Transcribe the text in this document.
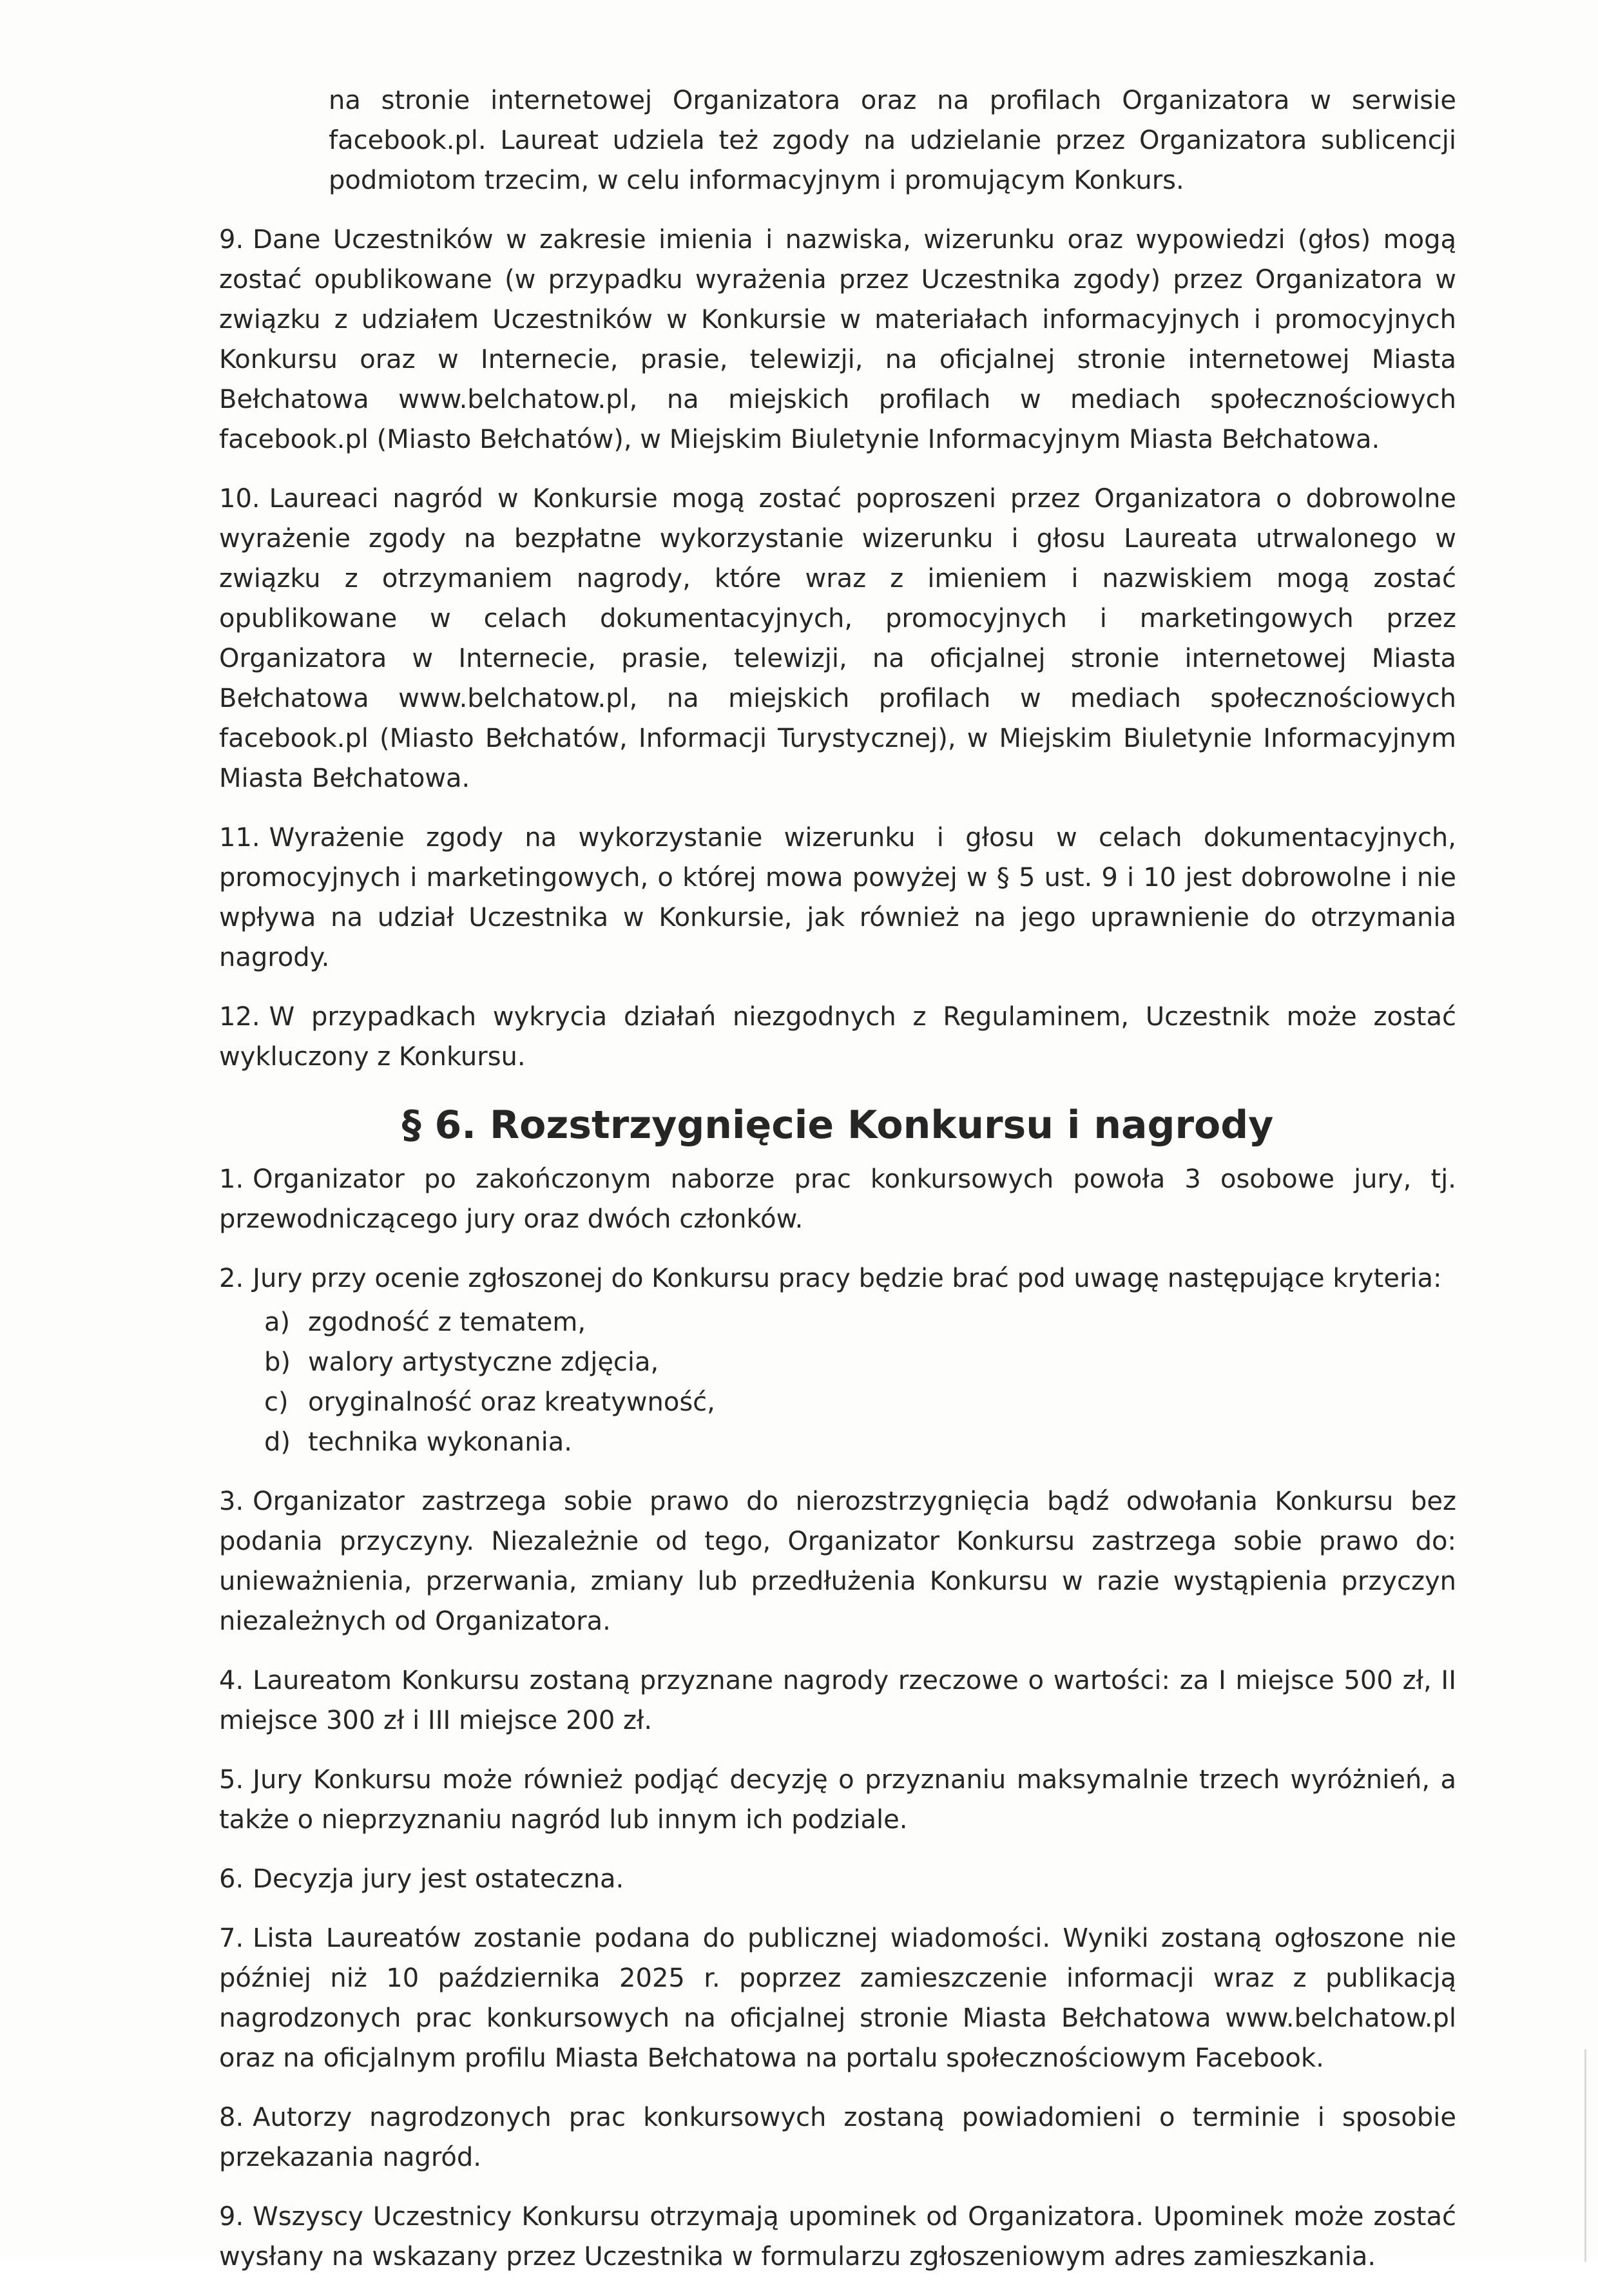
na stronie internetowej Organizatora oraz na profilach Organizatora w serwisie facebook.pl. Laureat udziela też zgody na udzielanie przez Organizatora sublicencji podmiotom trzecim, w celu informacyjnym i promującym Konkurs.

9. Dane Uczestników w zakresie imienia i nazwiska, wizerunku oraz wypowiedzi (głos) mogą zostać opublikowane (w przypadku wyrażenia przez Uczestnika zgody) przez Organizatora w związku z udziałem Uczestników w Konkursie w materiałach informacyjnych i promocyjnych Konkursu oraz w Internecie, prasie, telewizji, na oficjalnej stronie internetowej Miasta Bełchatowa www.belchatow.pl, na miejskich profilach w mediach społecznościowych facebook.pl (Miasto Bełchatów), w Miejskim Biuletynie Informacyjnym Miasta Bełchatowa.

10. Laureaci nagród w Konkursie mogą zostać poproszeni przez Organizatora o dobrowolne wyrażenie zgody na bezpłatne wykorzystanie wizerunku i głosu Laureata utrwalonego w związku z otrzymaniem nagrody, które wraz z imieniem i nazwiskiem mogą zostać opublikowane w celach dokumentacyjnych, promocyjnych i marketingowych przez Organizatora w Internecie, prasie, telewizji, na oficjalnej stronie internetowej Miasta Bełchatowa www.belchatow.pl, na miejskich profilach w mediach społecznościowych facebook.pl (Miasto Bełchatów, Informacji Turystycznej), w Miejskim Biuletynie Informacyjnym Miasta Bełchatowa.

11. Wyrażenie zgody na wykorzystanie wizerunku i głosu w celach dokumentacyjnych, promocyjnych i marketingowych, o której mowa powyżej w § 5 ust. 9 i 10 jest dobrowolne i nie wpływa na udział Uczestnika w Konkursie, jak również na jego uprawnienie do otrzymania nagrody.

12. W przypadkach wykrycia działań niezgodnych z Regulaminem, Uczestnik może zostać wykluczony z Konkursu.

§ 6. Rozstrzygnięcie Konkursu i nagrody

1. Organizator po zakończonym naborze prac konkursowych powoła 3 osobowe jury, tj. przewodniczącego jury oraz dwóch członków.

2. Jury przy ocenie zgłoszonej do Konkursu pracy będzie brać pod uwagę następujące kryteria:

a) zgodność z tematem,
b) walory artystyczne zdjęcia,
c) oryginalność oraz kreatywność,
d) technika wykonania.

3. Organizator zastrzega sobie prawo do nierozstrzygnięcia bądź odwołania Konkursu bez podania przyczyny. Niezależnie od tego, Organizator Konkursu zastrzega sobie prawo do: unieważnienia, przerwania, zmiany lub przedłużenia Konkursu w razie wystąpienia przyczyn niezależnych od Organizatora.

4. Laureatom Konkursu zostaną przyznane nagrody rzeczowe o wartości: za I miejsce 500 zł, II miejsce 300 zł i III miejsce 200 zł.

5. Jury Konkursu może również podjąć decyzję o przyznaniu maksymalnie trzech wyróżnień, a także o nieprzyznaniu nagród lub innym ich podziale.

6. Decyzja jury jest ostateczna.

7. Lista Laureatów zostanie podana do publicznej wiadomości. Wyniki zostaną ogłoszone nie później niż 10 października 2025 r. poprzez zamieszczenie informacji wraz z publikacją nagrodzonych prac konkursowych na oficjalnej stronie Miasta Bełchatowa www.belchatow.pl oraz na oficjalnym profilu Miasta Bełchatowa na portalu społecznościowym Facebook.

8. Autorzy nagrodzonych prac konkursowych zostaną powiadomieni o terminie i sposobie przekazania nagród.

9. Wszyscy Uczestnicy Konkursu otrzymają upominek od Organizatora. Upominek może zostać wysłany na wskazany przez Uczestnika w formularzu zgłoszeniowym adres zamieszkania.
